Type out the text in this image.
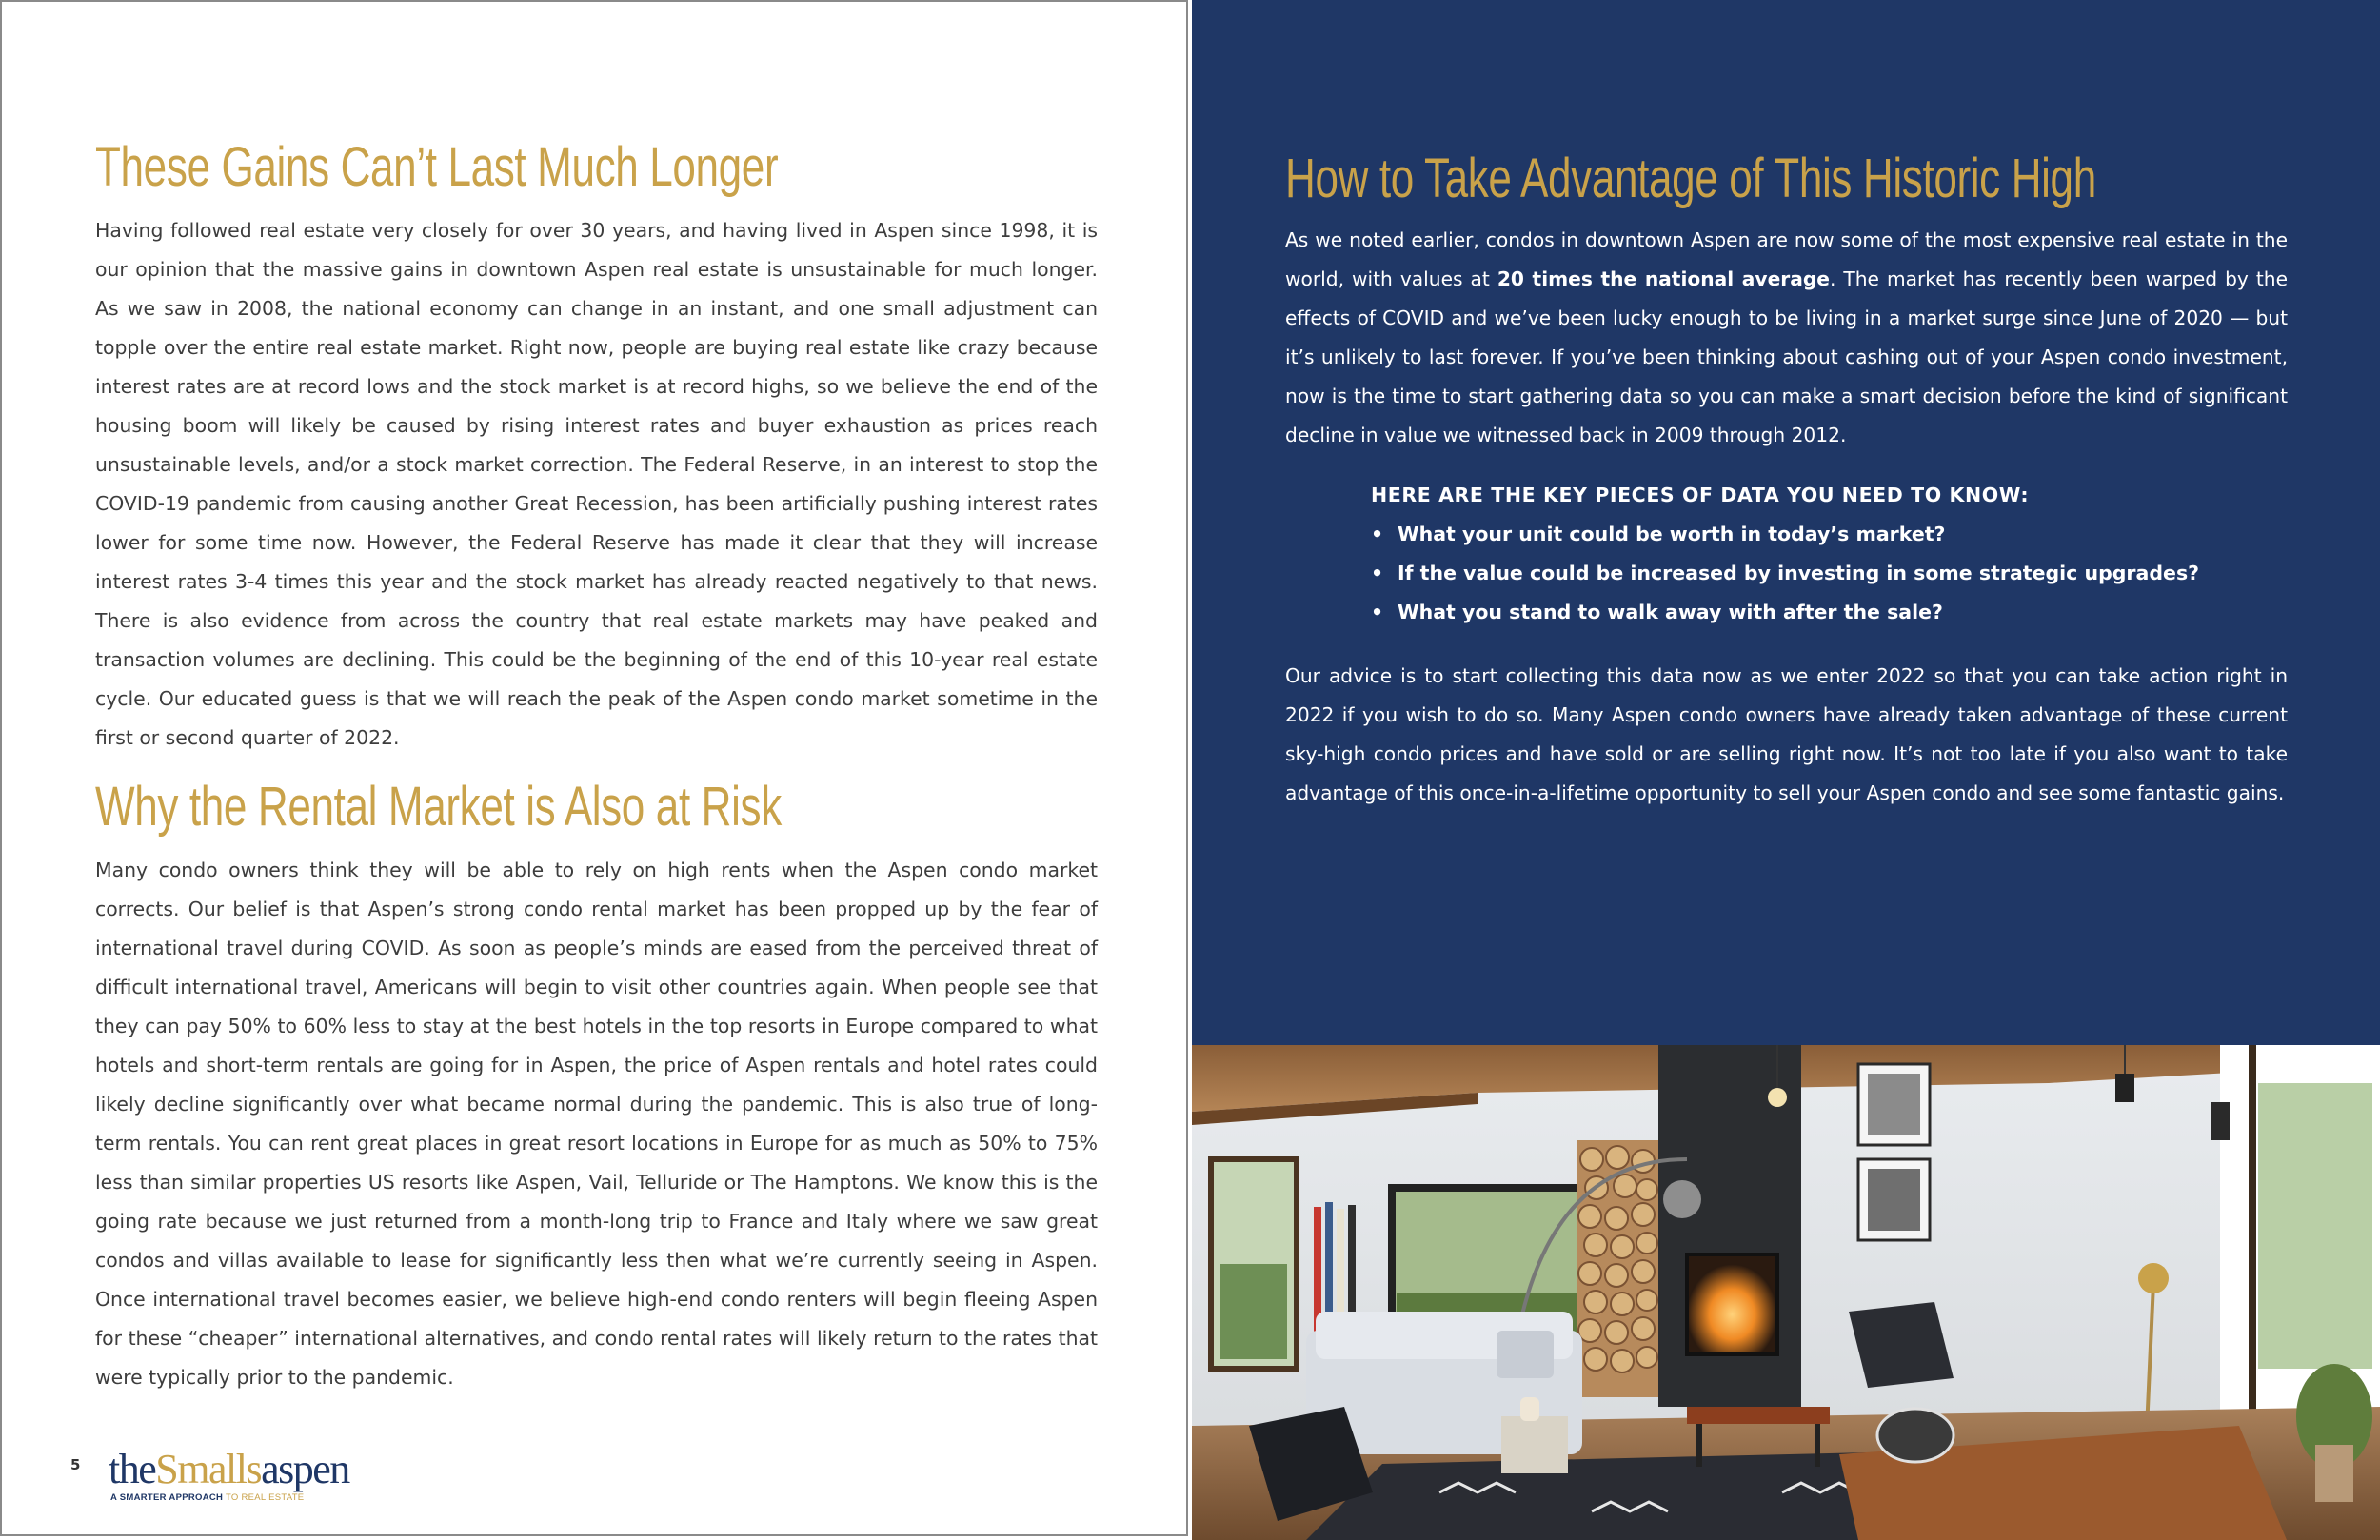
These Gains Can’t Last Much Longer

Having followed real estate very closely for over 30 years, and having lived in Aspen since 1998, it is our opinion that the massive gains in downtown Aspen real estate is unsustainable for much longer. As we saw in 2008, the national economy can change in an instant, and one small adjustment can topple over the entire real estate market. Right now, people are buying real estate like crazy because interest rates are at record lows and the stock market is at record highs, so we believe the end of the housing boom will likely be caused by rising interest rates and buyer exhaustion as prices reach unsustainable levels, and/or a stock market correction. The Federal Reserve, in an interest to stop the COVID-19 pandemic from causing another Great Recession, has been artificially pushing interest rates lower for some time now. However, the Federal Reserve has made it clear that they will increase interest rates 3-4 times this year and the stock market has already reacted negatively to that news. There is also evidence from across the country that real estate markets may have peaked and transaction volumes are declining. This could be the beginning of the end of this 10-year real estate cycle. Our educated guess is that we will reach the peak of the Aspen condo market sometime in the first or second quarter of 2022.

Why the Rental Market is Also at Risk

Many condo owners think they will be able to rely on high rents when the Aspen condo market corrects. Our belief is that Aspen’s strong condo rental market has been propped up by the fear of international travel during COVID. As soon as people’s minds are eased from the perceived threat of difficult international travel, Americans will begin to visit other countries again. When people see that they can pay 50% to 60% less to stay at the best hotels in the top resorts in Europe compared to what hotels and short-term rentals are going for in Aspen, the price of Aspen rentals and hotel rates could likely decline significantly over what became normal during the pandemic. This is also true of long-term rentals. You can rent great places in great resort locations in Europe for as much as 50% to 75% less than similar properties US resorts like Aspen, Vail, Telluride or The Hamptons. We know this is the going rate because we just returned from a month-long trip to France and Italy where we saw great condos and villas available to lease for significantly less then what we’re currently seeing in Aspen. Once international travel becomes easier, we believe high-end condo renters will begin fleeing Aspen for these “cheaper” international alternatives, and condo rental rates will likely return to the rates that were typically prior to the pandemic.

5 theSmallsaspen
A SMARTER APPROACH TO REAL ESTATE
How to Take Advantage of This Historic High

As we noted earlier, condos in downtown Aspen are now some of the most expensive real estate in the world, with values at 20 times the national average. The market has recently been warped by the effects of COVID and we’ve been lucky enough to be living in a market surge since June of 2020 — but it’s unlikely to last forever. If you’ve been thinking about cashing out of your Aspen condo investment, now is the time to start gathering data so you can make a smart decision before the kind of significant decline in value we witnessed back in 2009 through 2012.

HERE ARE THE KEY PIECES OF DATA YOU NEED TO KNOW:
• What your unit could be worth in today’s market?
• If the value could be increased by investing in some strategic upgrades?
• What you stand to walk away with after the sale?

Our advice is to start collecting this data now as we enter 2022 so that you can take action right in 2022 if you wish to do so. Many Aspen condo owners have already taken advantage of these current sky-high condo prices and have sold or are selling right now. It’s not too late if you also want to take advantage of this once-in-a-lifetime opportunity to sell your Aspen condo and see some fantastic gains.
